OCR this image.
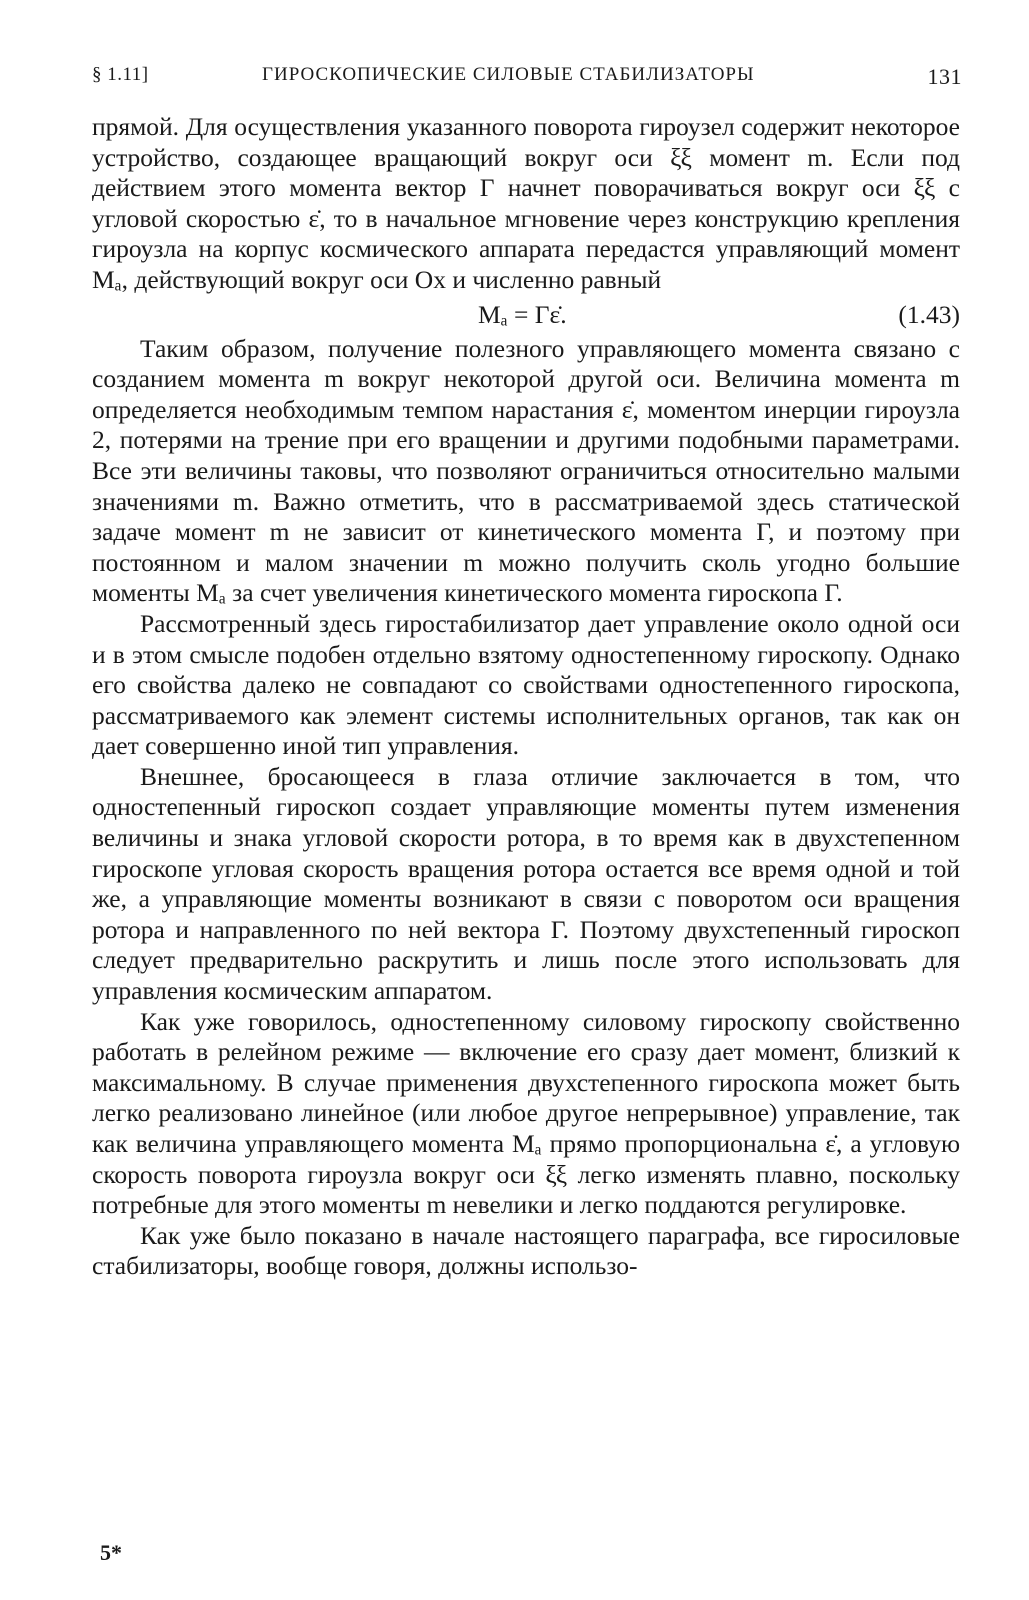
§ 1.11]	ГИРОСКОПИЧЕСКИЕ СИЛОВЫЕ СТАБИЛИЗАТОРЫ	131

прямой. Для осуществления указанного поворота гироузел содержит некоторое устройство, создающее вращающий вокруг оси ξξ момент m. Если под действием этого момента вектор Г начнет поворачиваться вокруг оси ξξ с угловой скоростью ε̇, то в начальное мгновение через конструкцию крепления гироузла на корпус космического аппарата передастся управляющий момент Mₐ, действующий вокруг оси Ox и численно равный

Mₐ = Гε̇.	(1.43)

Таким образом, получение полезного управляющего момента связано с созданием момента m вокруг некоторой другой оси. Величина момента m определяется необходимым темпом нарастания ε̇, моментом инерции гироузла 2, потерями на трение при его вращении и другими подобными параметрами. Все эти величины таковы, что позволяют ограничиться относительно малыми значениями m. Важно отметить, что в рассматриваемой здесь статической задаче момент m не зависит от кинетического момента Г, и поэтому при постоянном и малом значении m можно получить сколь угодно большие моменты Mₐ за счет увеличения кинетического момента гироскопа Г.

Рассмотренный здесь гиростабилизатор дает управление около одной оси и в этом смысле подобен отдельно взятому одностепенному гироскопу. Однако его свойства далеко не совпадают со свойствами одностепенного гироскопа, рассматриваемого как элемент системы исполнительных органов, так как он дает совершенно иной тип управления.

Внешнее, бросающееся в глаза отличие заключается в том, что одностепенный гироскоп создает управляющие моменты путем изменения величины и знака угловой скорости ротора, в то время как в двухстепенном гироскопе угловая скорость вращения ротора остается все время одной и той же, а управляющие моменты возникают в связи с поворотом оси вращения ротора и направленного по ней вектора Г. Поэтому двухстепенный гироскоп следует предварительно раскрутить и лишь после этого использовать для управления космическим аппаратом.

Как уже говорилось, одностепенному силовому гироскопу свойственно работать в релейном режиме — включение его сразу дает момент, близкий к максимальному. В случае применения двухстепенного гироскопа может быть легко реализовано линейное (или любое другое непрерывное) управление, так как величина управляющего момента Mₐ прямо пропорциональна ε̇, а угловую скорость поворота гироузла вокруг оси ξξ легко изменять плавно, поскольку потребные для этого моменты m невелики и легко поддаются регулировке.

Как уже было показано в начале настоящего параграфа, все гиросиловые стабилизаторы, вообще говоря, должны использо-

5*
